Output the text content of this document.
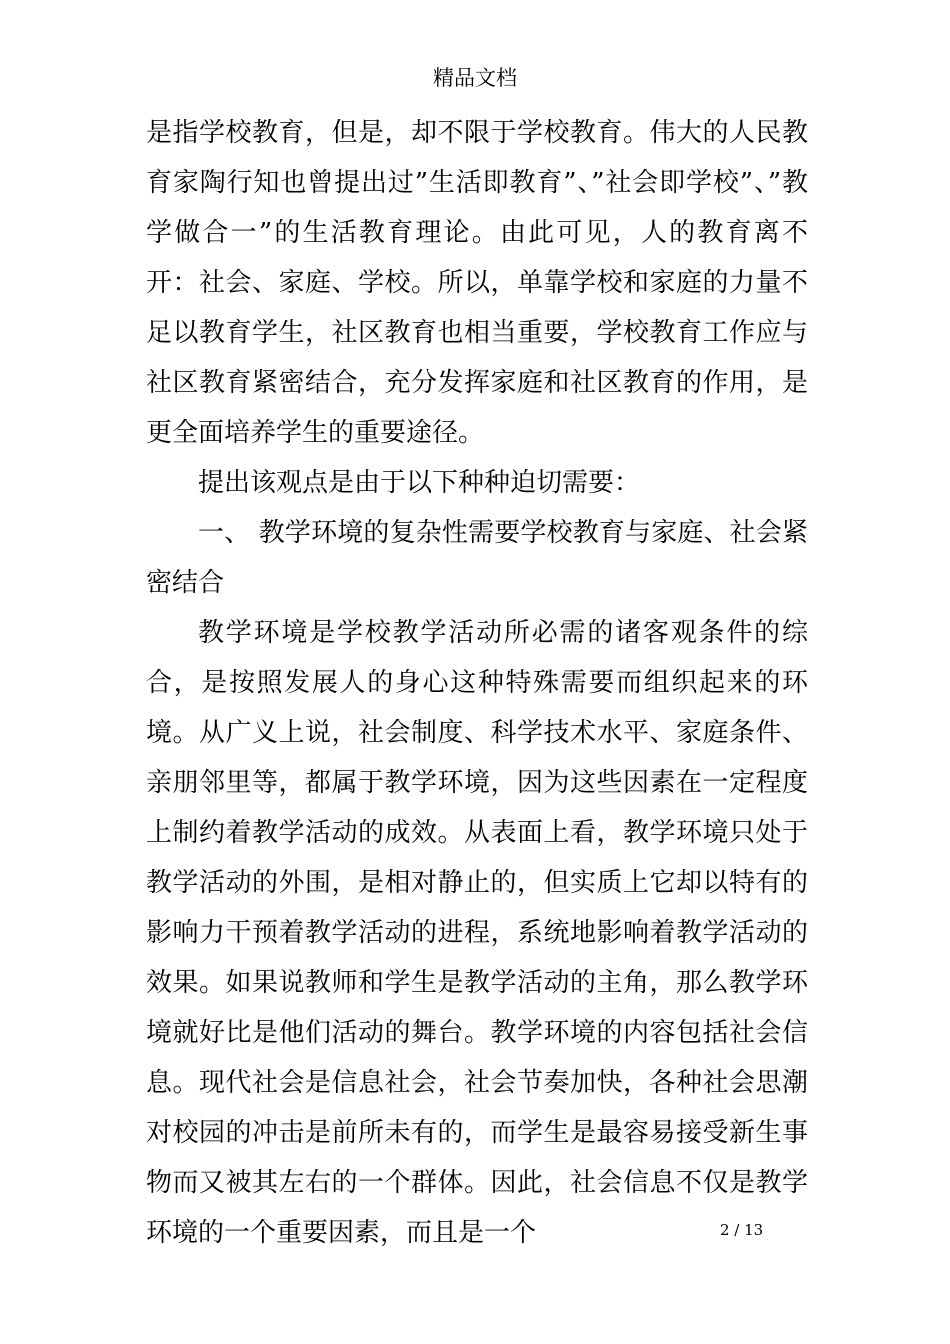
精品文档

是指学校教育，但是，却不限于学校教育。伟大的人民教育家陶行知也曾提出过”生活即教育”、”社会即学校”、”教学做合一”的生活教育理论。由此可见，人的教育离不开：社会、家庭、学校。所以，单靠学校和家庭的力量不足以教育学生，社区教育也相当重要，学校教育工作应与社区教育紧密结合，充分发挥家庭和社区教育的作用，是更全面培养学生的重要途径。

提出该观点是由于以下种种迫切需要：

一、 教学环境的复杂性需要学校教育与家庭、社会紧密结合

教学环境是学校教学活动所必需的诸客观条件的综合，是按照发展人的身心这种特殊需要而组织起来的环境。从广义上说，社会制度、科学技术水平、家庭条件、亲朋邻里等，都属于教学环境，因为这些因素在一定程度上制约着教学活动的成效。从表面上看，教学环境只处于教学活动的外围，是相对静止的，但实质上它却以特有的影响力干预着教学活动的进程，系统地影响着教学活动的效果。如果说教师和学生是教学活动的主角，那么教学环境就好比是他们活动的舞台。教学环境的内容包括社会信息。现代社会是信息社会，社会节奏加快，各种社会思潮对校园的冲击是前所未有的，而学生是最容易接受新生事物而又被其左右的一个群体。因此，社会信息不仅是教学环境的一个重要因素，而且是一个	2 / 13
